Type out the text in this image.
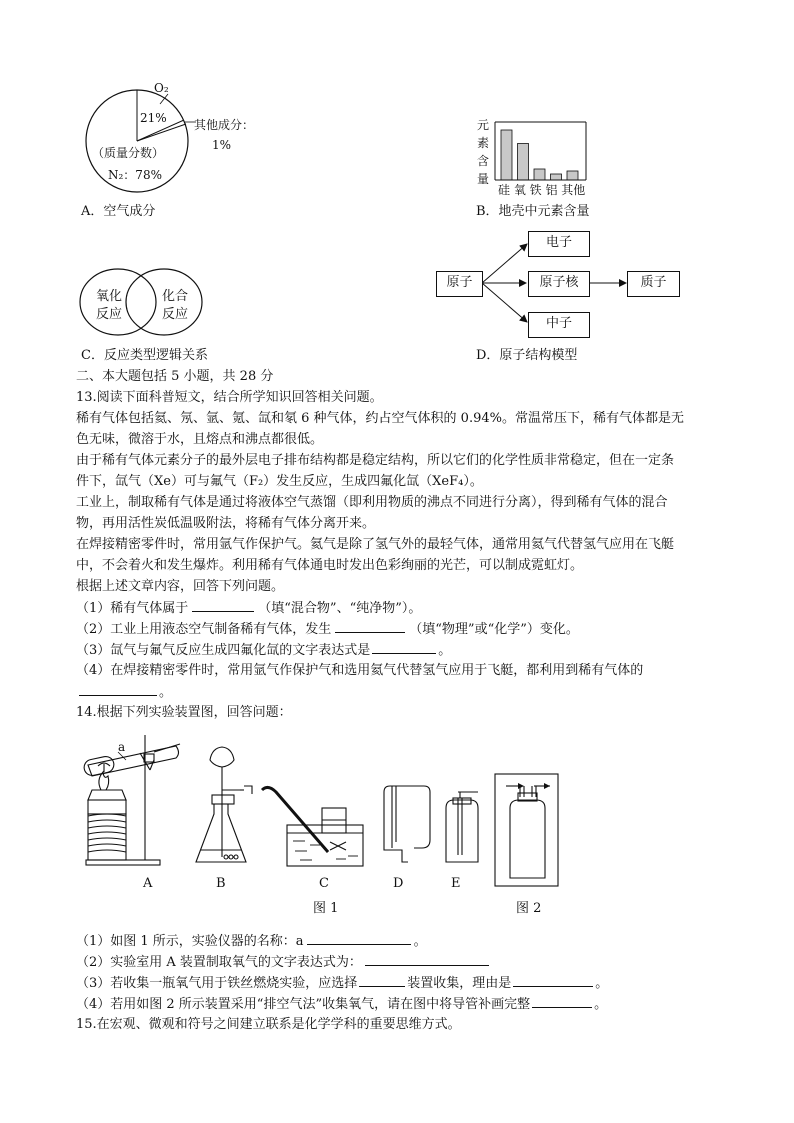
O₂
21% 其他成分：
1%
（质量分数）
N₂：78%
A．空气成分
元
素
含
量
硅 氧 铁 铝 其他
B．地壳中元素含量
氧化
反应
化合
反应
C．反应类型逻辑关系
原子
电子
原子核
中子
质子
D．原子结构模型
二、本大题包括 5 小题，共 28 分
13.阅读下面科普短文，结合所学知识回答相关问题。
稀有气体包括氦、氖、氩、氪、氙和氡 6 种气体，约占空气体积的 0.94%。常温常压下，稀有气体都是无
色无味，微溶于水，且熔点和沸点都很低。
由于稀有气体元素分子的最外层电子排布结构都是稳定结构，所以它们的化学性质非常稳定，但在一定条
件下，氙气（Xe）可与氟气（F₂）发生反应，生成四氟化氙（XeF₄）。
工业上，制取稀有气体是通过将液体空气蒸馏（即利用物质的沸点不同进行分离），得到稀有气体的混合
物，再用活性炭低温吸附法，将稀有气体分离开来。
在焊接精密零件时，常用氩气作保护气。氦气是除了氢气外的最轻气体，通常用氦气代替氢气应用在飞艇
中，不会着火和发生爆炸。利用稀有气体通电时发出色彩绚丽的光芒，可以制成霓虹灯。
根据上述文章内容，回答下列问题。
（1）稀有气体属于	（填“混合物”、“纯净物”）。
（2）工业上用液态空气制备稀有气体，发生	（填“物理”或“化学”）变化。
（3）氙气与氟气反应生成四氟化氙的文字表达式是	。
（4）在焊接精密零件时，常用氩气作保护气和选用氦气代替氢气应用于飞艇，都利用到稀有气体的
。
14.根据下列实验装置图，回答问题：
a
A	B	C	D	E
图 1	图 2
（1）如图 1 所示，实验仪器的名称：a	。
（2）实验室用 A 装置制取氧气的文字表达式为：
（3）若收集一瓶氧气用于铁丝燃烧实验，应选择	装置收集，理由是	。
（4）若用如图 2 所示装置采用“排空气法”收集氧气，请在图中将导管补画完整	。
15.在宏观、微观和符号之间建立联系是化学学科的重要思维方式。
